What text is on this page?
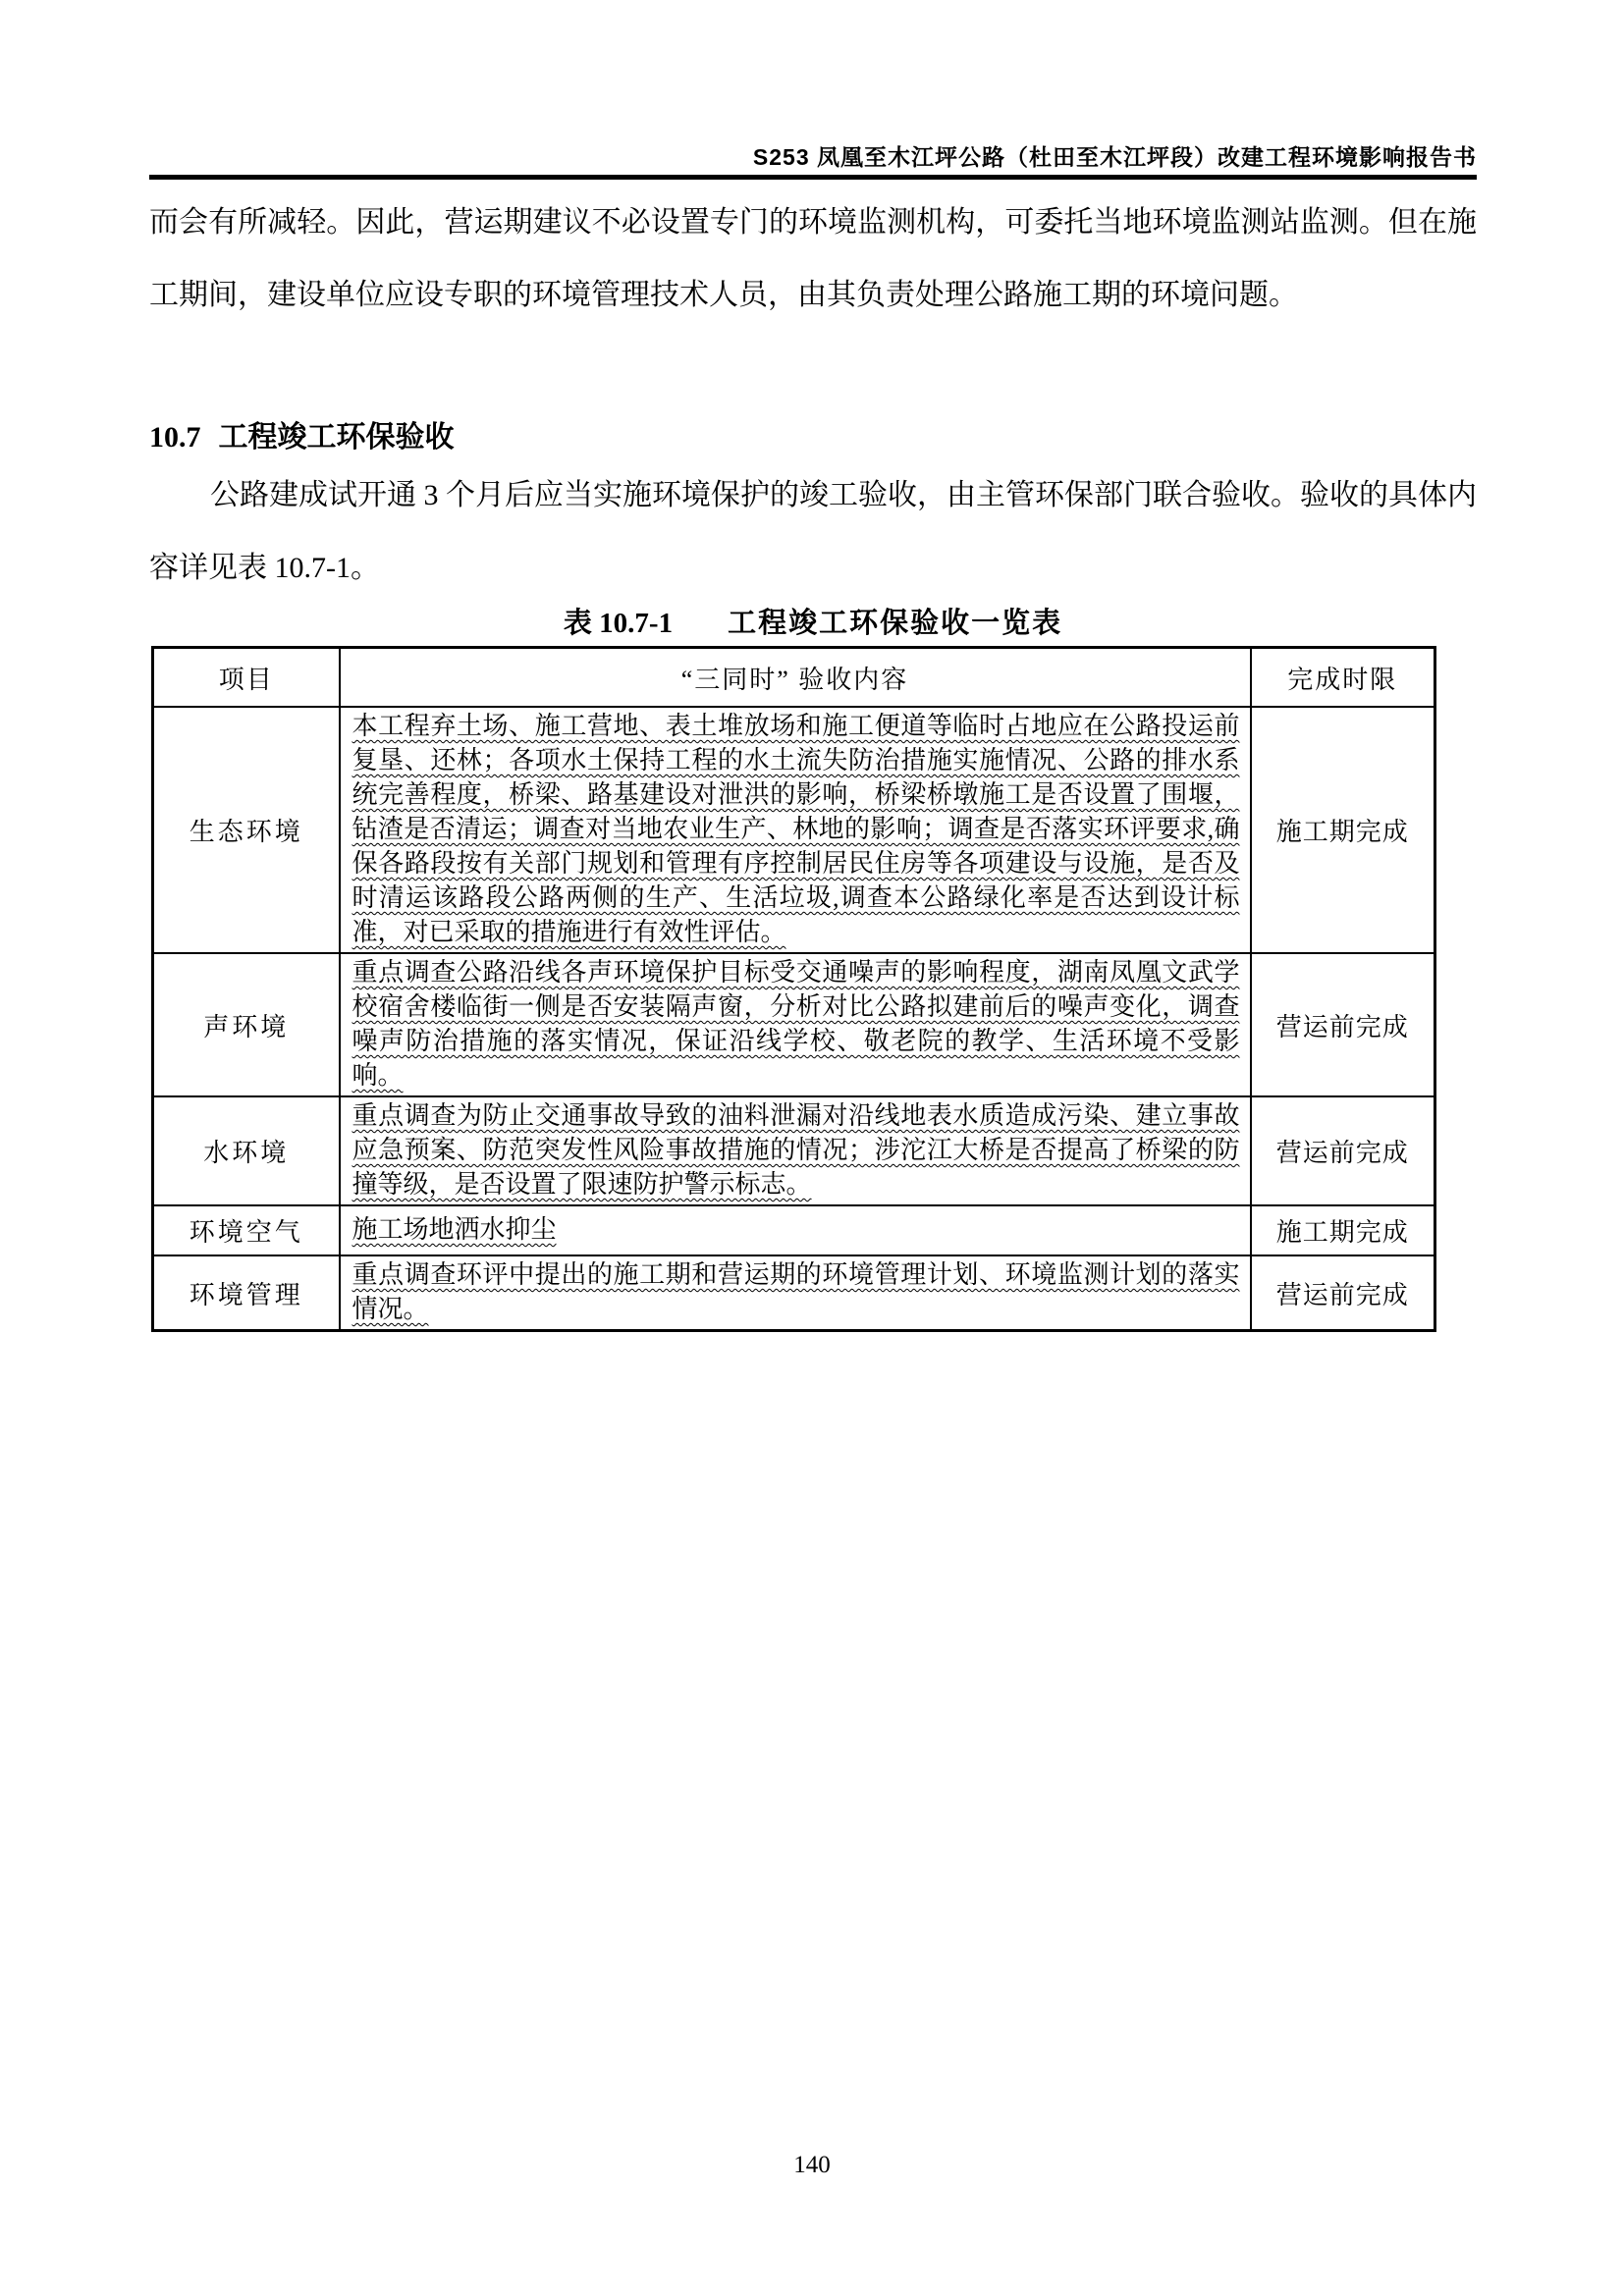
S253 凤凰至木江坪公路（杜田至木江坪段）改建工程环境影响报告书

而会有所减轻。因此，营运期建议不必设置专门的环境监测机构，可委托当地环境监测站监测。但在施工期间，建设单位应设专职的环境管理技术人员，由其负责处理公路施工期的环境问题。

10.7 工程竣工环保验收

公路建成试开通 3 个月后应当实施环境保护的竣工验收，由主管环保部门联合验收。验收的具体内容详见表 10.7-1。

表 10.7-1 工程竣工环保验收一览表
项目	“三同时” 验收内容	完成时限
生态环境	本工程弃土场、施工营地、表土堆放场和施工便道等临时占地应在公路投运前复垦、还林；各项水土保持工程的水土流失防治措施实施情况、公路的排水系统完善程度，桥梁、路基建设对泄洪的影响，桥梁桥墩施工是否设置了围堰，钻渣是否清运；调查对当地农业生产、林地的影响；调查是否落实环评要求,确保各路段按有关部门规划和管理有序控制居民住房等各项建设与设施，是否及时清运该路段公路两侧的生产、生活垃圾,调查本公路绿化率是否达到设计标准，对已采取的措施进行有效性评估。	施工期完成
声环境	重点调查公路沿线各声环境保护目标受交通噪声的影响程度，湖南凤凰文武学校宿舍楼临街一侧是否安装隔声窗，分析对比公路拟建前后的噪声变化，调查噪声防治措施的落实情况，保证沿线学校、敬老院的教学、生活环境不受影响。	营运前完成
水环境	重点调查为防止交通事故导致的油料泄漏对沿线地表水质造成污染、建立事故应急预案、防范突发性风险事故措施的情况；涉沱江大桥是否提高了桥梁的防撞等级，是否设置了限速防护警示标志。	营运前完成
环境空气	施工场地洒水抑尘	施工期完成
环境管理	重点调查环评中提出的施工期和营运期的环境管理计划、环境监测计划的落实情况。	营运前完成
140
